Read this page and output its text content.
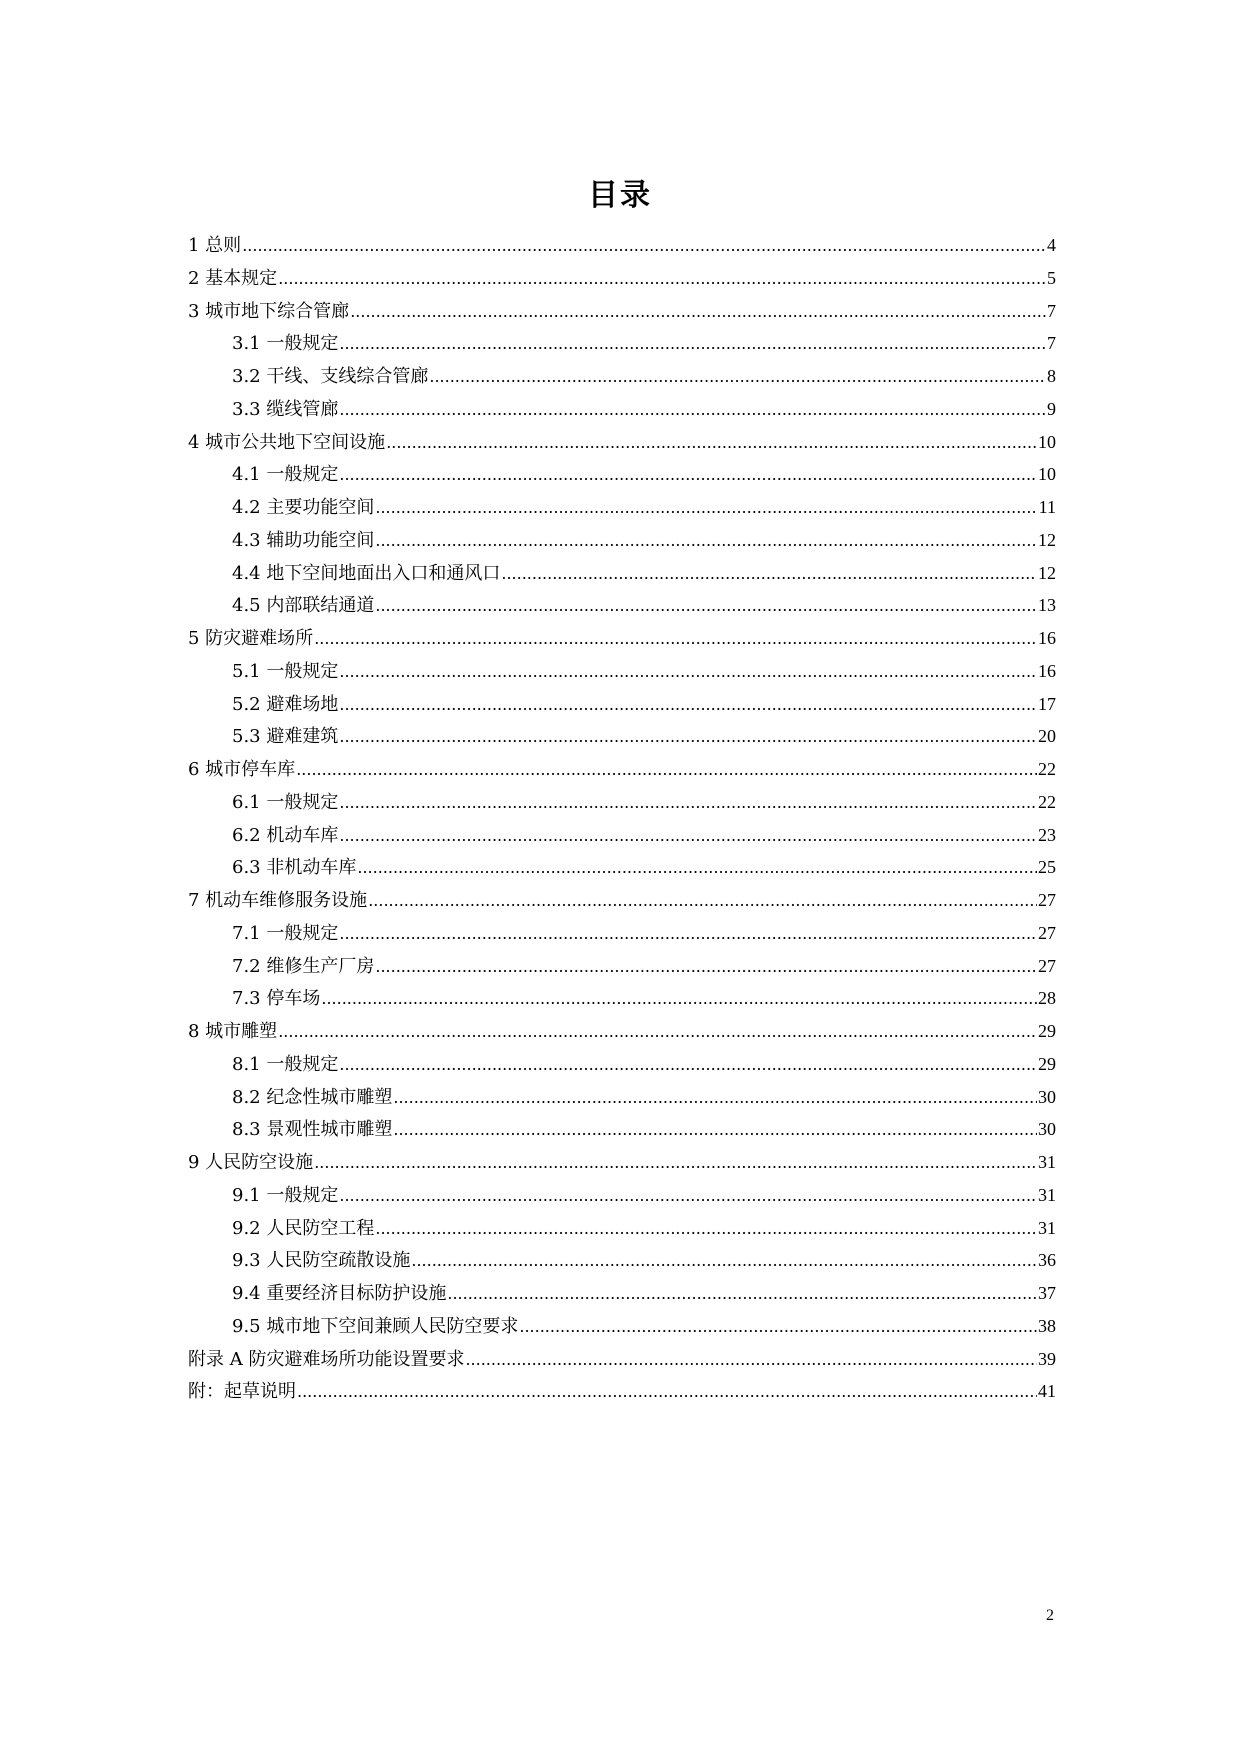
目录
1 总则 .....	4
2 基本规定 .....	5
3 城市地下综合管廊 .....	7
3.1 一般规定 .....	7
3.2 干线、支线综合管廊 .....	8
3.3 缆线管廊 .....	9
4 城市公共地下空间设施 .....	10
4.1 一般规定 .....	10
4.2 主要功能空间 .....	11
4.3 辅助功能空间 .....	12
4.4 地下空间地面出入口和通风口 .....	12
4.5 内部联结通道 .....	13
5 防灾避难场所 .....	16
5.1 一般规定 .....	16
5.2 避难场地 .....	17
5.3 避难建筑 .....	20
6 城市停车库 .....	22
6.1 一般规定 .....	22
6.2 机动车库 .....	23
6.3 非机动车库 .....	25
7 机动车维修服务设施 .....	27
7.1 一般规定 .....	27
7.2 维修生产厂房 .....	27
7.3 停车场 .....	28
8 城市雕塑 .....	29
8.1 一般规定 .....	29
8.2 纪念性城市雕塑 .....	30
8.3 景观性城市雕塑 .....	30
9 人民防空设施 .....	31
9.1 一般规定 .....	31
9.2 人民防空工程 .....	31
9.3 人民防空疏散设施 .....	36
9.4 重要经济目标防护设施 .....	37
9.5 城市地下空间兼顾人民防空要求 .....	38
附录 A 防灾避难场所功能设置要求 .....	39
附：起草说明 .....	41
2
